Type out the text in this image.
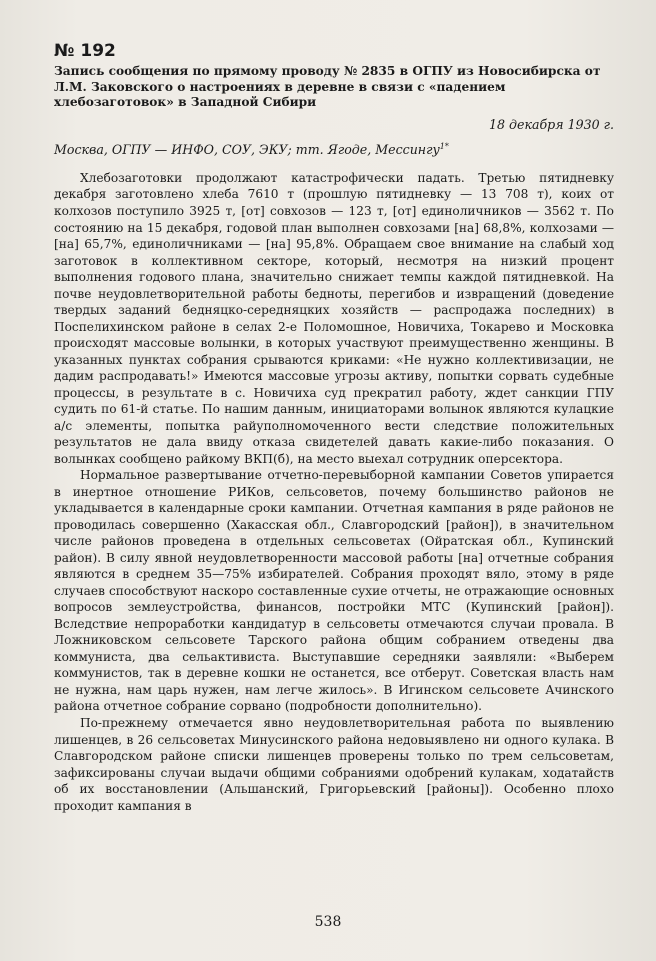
№ 192

Запись сообщения по прямому проводу № 2835 в ОГПУ из Новосибирска от Л.М. Заковского о настроениях в деревне в связи с «падением хлебозаготовок» в Западной Сибири

18 декабря 1930 г.

Москва, ОГПУ — ИНФО, СОУ, ЭКУ; тт. Ягоде, Мессингу$^{1*}$

Хлебозаготовки продолжают катастрофически падать. Третью пятидневку декабря заготовлено хлеба 7610 т (прошлую пятидневку — 13 708 т), коих от колхозов поступило 3925 т, [от] совхозов — 123 т, [от] единоличников — 3562 т. По состоянию на 15 декабря, годовой план выполнен совхозами [на] 68,8%, колхозами — [на] 65,7%, единоличниками — [на] 95,8%. Обращаем свое внимание на слабый ход заготовок в коллективном секторе, который, несмотря на низкий процент выполнения годового плана, значительно снижает темпы каждой пятидневкой. На почве неудовлетворительной работы бедноты, перегибов и извращений (доведение твердых заданий бедняцко-середняцких хозяйств — распродажа последних) в Поспелихинском районе в селах 2-е Поломошное, Новичиха, Токарево и Московка происходят массовые волынки, в которых участвуют преимущественно женщины. В указанных пунктах собрания срываются криками: «Не нужно коллективизации, не дадим распродавать!» Имеются массовые угрозы активу, попытки сорвать судебные процессы, в результате в с. Новичиха суд прекратил работу, ждет санкции ГПУ судить по 61-й статье. По нашим данным, инициаторами волынок являются кулацкие а/с элементы, попытка райуполномоченного вести следствие положительных результатов не дала ввиду отказа свидетелей давать какие-либо показания. О волынках сообщено райкому ВКП(б), на место выехал сотрудник оперсектора.

Нормальное развертывание отчетно-перевыборной кампании Советов упирается в инертное отношение РИКов, сельсоветов, почему большинство районов не укладывается в календарные сроки кампании. Отчетная кампания в ряде районов не проводилась совершенно (Хакасская обл., Славгородский [район]), в значительном числе районов проведена в отдельных сельсоветах (Ойратская обл., Купинский район). В силу явной неудовлетворенности массовой работы [на] отчетные собрания являются в среднем 35—75% избирателей. Собрания проходят вяло, этому в ряде случаев способствуют наскоро составленные сухие отчеты, не отражающие основных вопросов землеустройства, финансов, постройки МТС (Купинский [район]). Вследствие непроработки кандидатур в сельсоветы отмечаются случаи провала. В Ложниковском сельсовете Тарского района общим собранием отведены два коммуниста, два сельактивиста. Выступавшие середняки заявляли: «Выберем коммунистов, так в деревне кошки не останется, все отберут. Советская власть нам не нужна, нам царь нужен, нам легче жилось». В Игинском сельсовете Ачинского района отчетное собрание сорвано (подробности дополнительно).

По-прежнему отмечается явно неудовлетворительная работа по выявлению лишенцев, в 26 сельсоветах Минусинского района недовыявлено ни одного кулака. В Славгородском районе списки лишенцев проверены только по трем сельсоветам, зафиксированы случаи выдачи общими собраниями одобрений кулакам, ходатайств об их восстановлении (Альшанский, Григорьевский [районы]). Особенно плохо проходит кампания в

538
